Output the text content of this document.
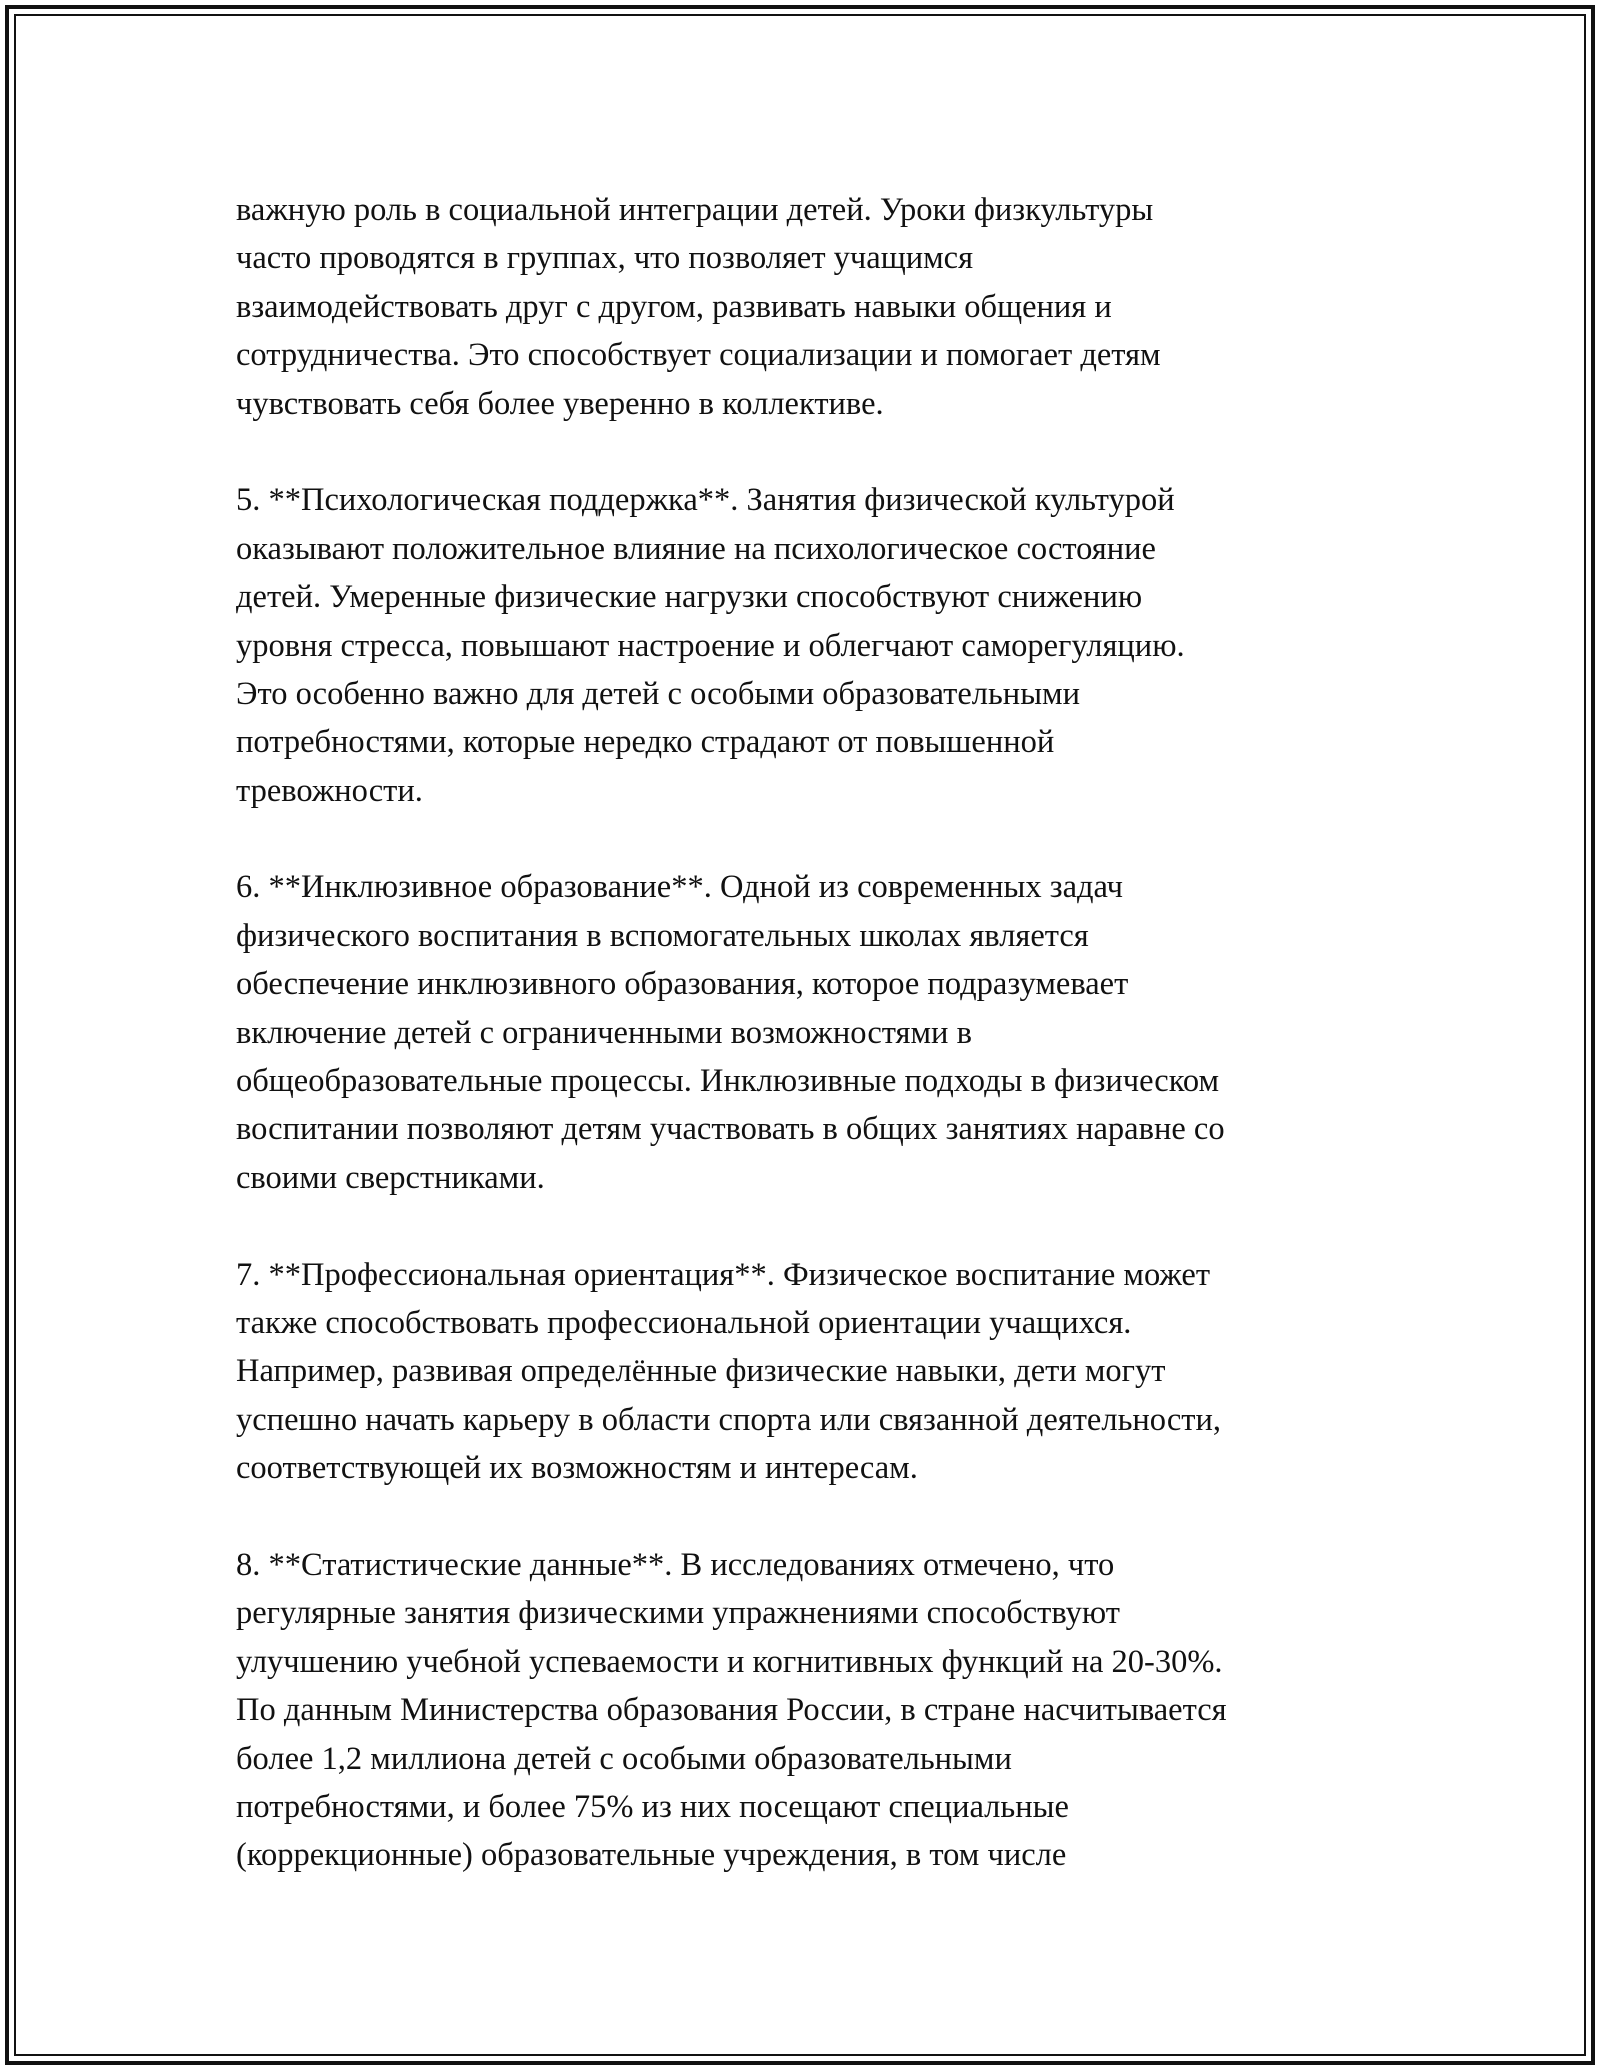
важную роль в социальной интеграции детей. Уроки физкультуры
часто проводятся в группах, что позволяет учащимся
взаимодействовать друг с другом, развивать навыки общения и
сотрудничества. Это способствует социализации и помогает детям
чувствовать себя более уверенно в коллективе.
5. **Психологическая поддержка**. Занятия физической культурой
оказывают положительное влияние на психологическое состояние
детей. Умеренные физические нагрузки способствуют снижению
уровня стресса, повышают настроение и облегчают саморегуляцию.
Это особенно важно для детей с особыми образовательными
потребностями, которые нередко страдают от повышенной
тревожности.
6. **Инклюзивное образование**. Одной из современных задач
физического воспитания в вспомогательных школах является
обеспечение инклюзивного образования, которое подразумевает
включение детей с ограниченными возможностями в
общеобразовательные процессы. Инклюзивные подходы в физическом
воспитании позволяют детям участвовать в общих занятиях наравне со
своими сверстниками.
7. **Профессиональная ориентация**. Физическое воспитание может
также способствовать профессиональной ориентации учащихся.
Например, развивая определённые физические навыки, дети могут
успешно начать карьеру в области спорта или связанной деятельности,
соответствующей их возможностям и интересам.
8. **Статистические данные**. В исследованиях отмечено, что
регулярные занятия физическими упражнениями способствуют
улучшению учебной успеваемости и когнитивных функций на 20-30%.
По данным Министерства образования России, в стране насчитывается
более 1,2 миллиона детей с особыми образовательными
потребностями, и более 75% из них посещают специальные
(коррекционные) образовательные учреждения, в том числе
